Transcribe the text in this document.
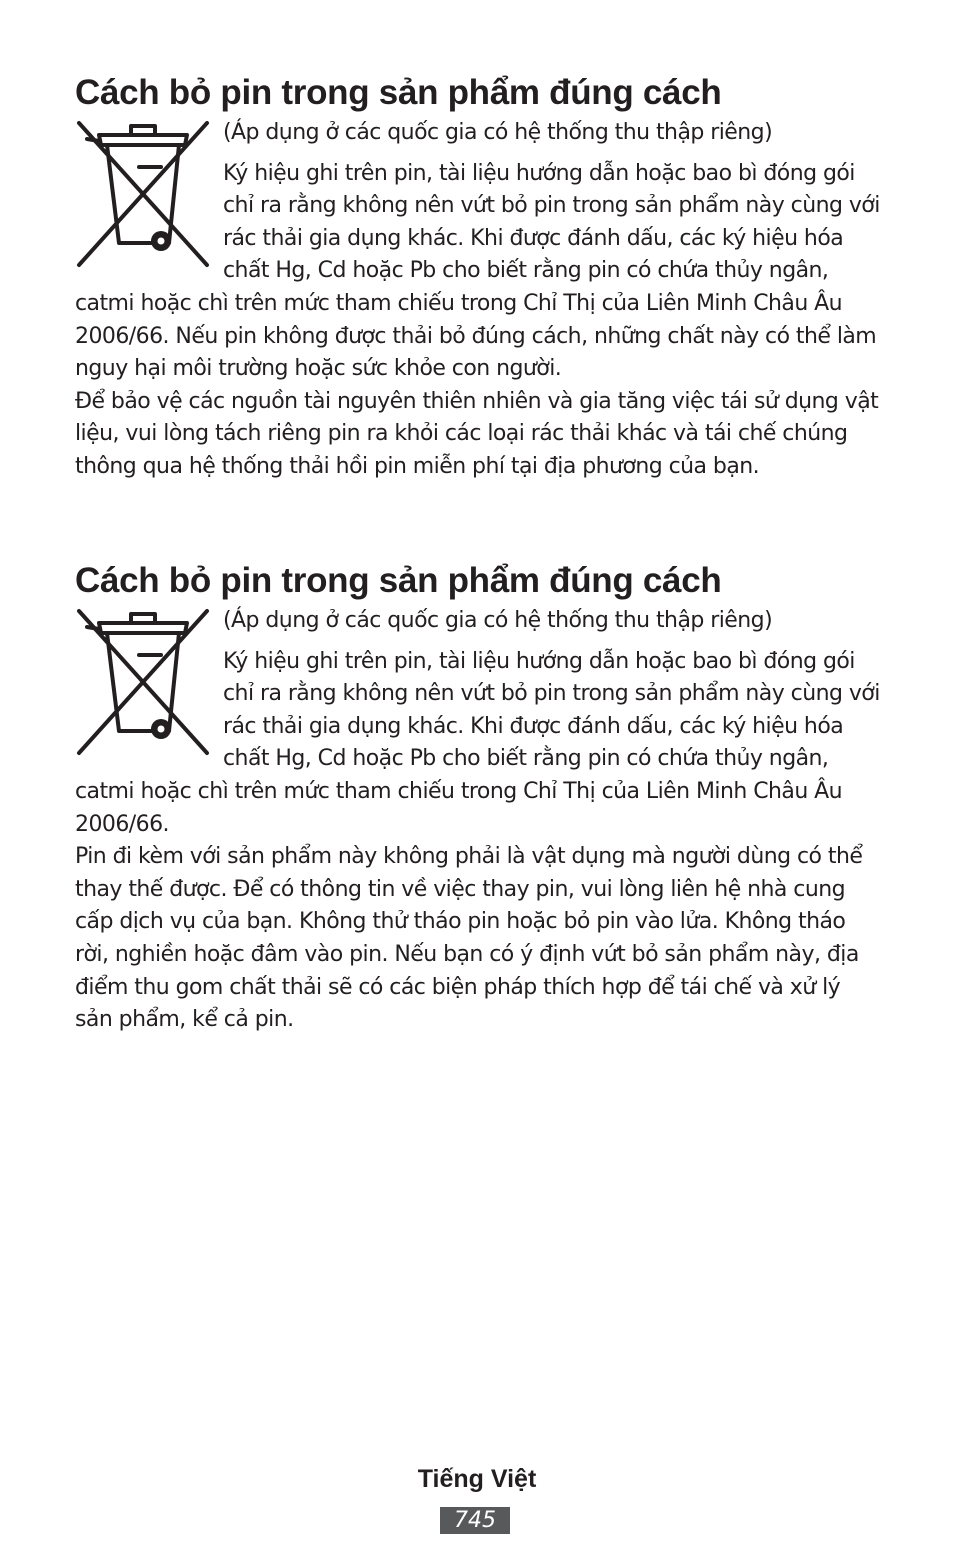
Cách bỏ pin trong sản phẩm đúng cách

(Áp dụng ở các quốc gia có hệ thống thu thập riêng)
Ký hiệu ghi trên pin, tài liệu hướng dẫn hoặc bao bì đóng gói chỉ ra rằng không nên vứt bỏ pin trong sản phẩm này cùng với rác thải gia dụng khác. Khi được đánh dấu, các ký hiệu hóa chất Hg, Cd hoặc Pb cho biết rằng pin có chứa thủy ngân, catmi hoặc chì trên mức tham chiếu trong Chỉ Thị của Liên Minh Châu Âu 2006/66. Nếu pin không được thải bỏ đúng cách, những chất này có thể làm nguy hại môi trường hoặc sức khỏe con người.

Để bảo vệ các nguồn tài nguyên thiên nhiên và gia tăng việc tái sử dụng vật liệu, vui lòng tách riêng pin ra khỏi các loại rác thải khác và tái chế chúng thông qua hệ thống thải hồi pin miễn phí tại địa phương của bạn.

Cách bỏ pin trong sản phẩm đúng cách

(Áp dụng ở các quốc gia có hệ thống thu thập riêng)
Ký hiệu ghi trên pin, tài liệu hướng dẫn hoặc bao bì đóng gói chỉ ra rằng không nên vứt bỏ pin trong sản phẩm này cùng với rác thải gia dụng khác. Khi được đánh dấu, các ký hiệu hóa chất Hg, Cd hoặc Pb cho biết rằng pin có chứa thủy ngân, catmi hoặc chì trên mức tham chiếu trong Chỉ Thị của Liên Minh Châu Âu 2006/66.

Pin đi kèm với sản phẩm này không phải là vật dụng mà người dùng có thể thay thế được. Để có thông tin về việc thay pin, vui lòng liên hệ nhà cung cấp dịch vụ của bạn. Không thử tháo pin hoặc bỏ pin vào lửa. Không tháo rời, nghiền hoặc đâm vào pin. Nếu bạn có ý định vứt bỏ sản phẩm này, địa điểm thu gom chất thải sẽ có các biện pháp thích hợp để tái chế và xử lý sản phẩm, kể cả pin.

Tiếng Việt
745
